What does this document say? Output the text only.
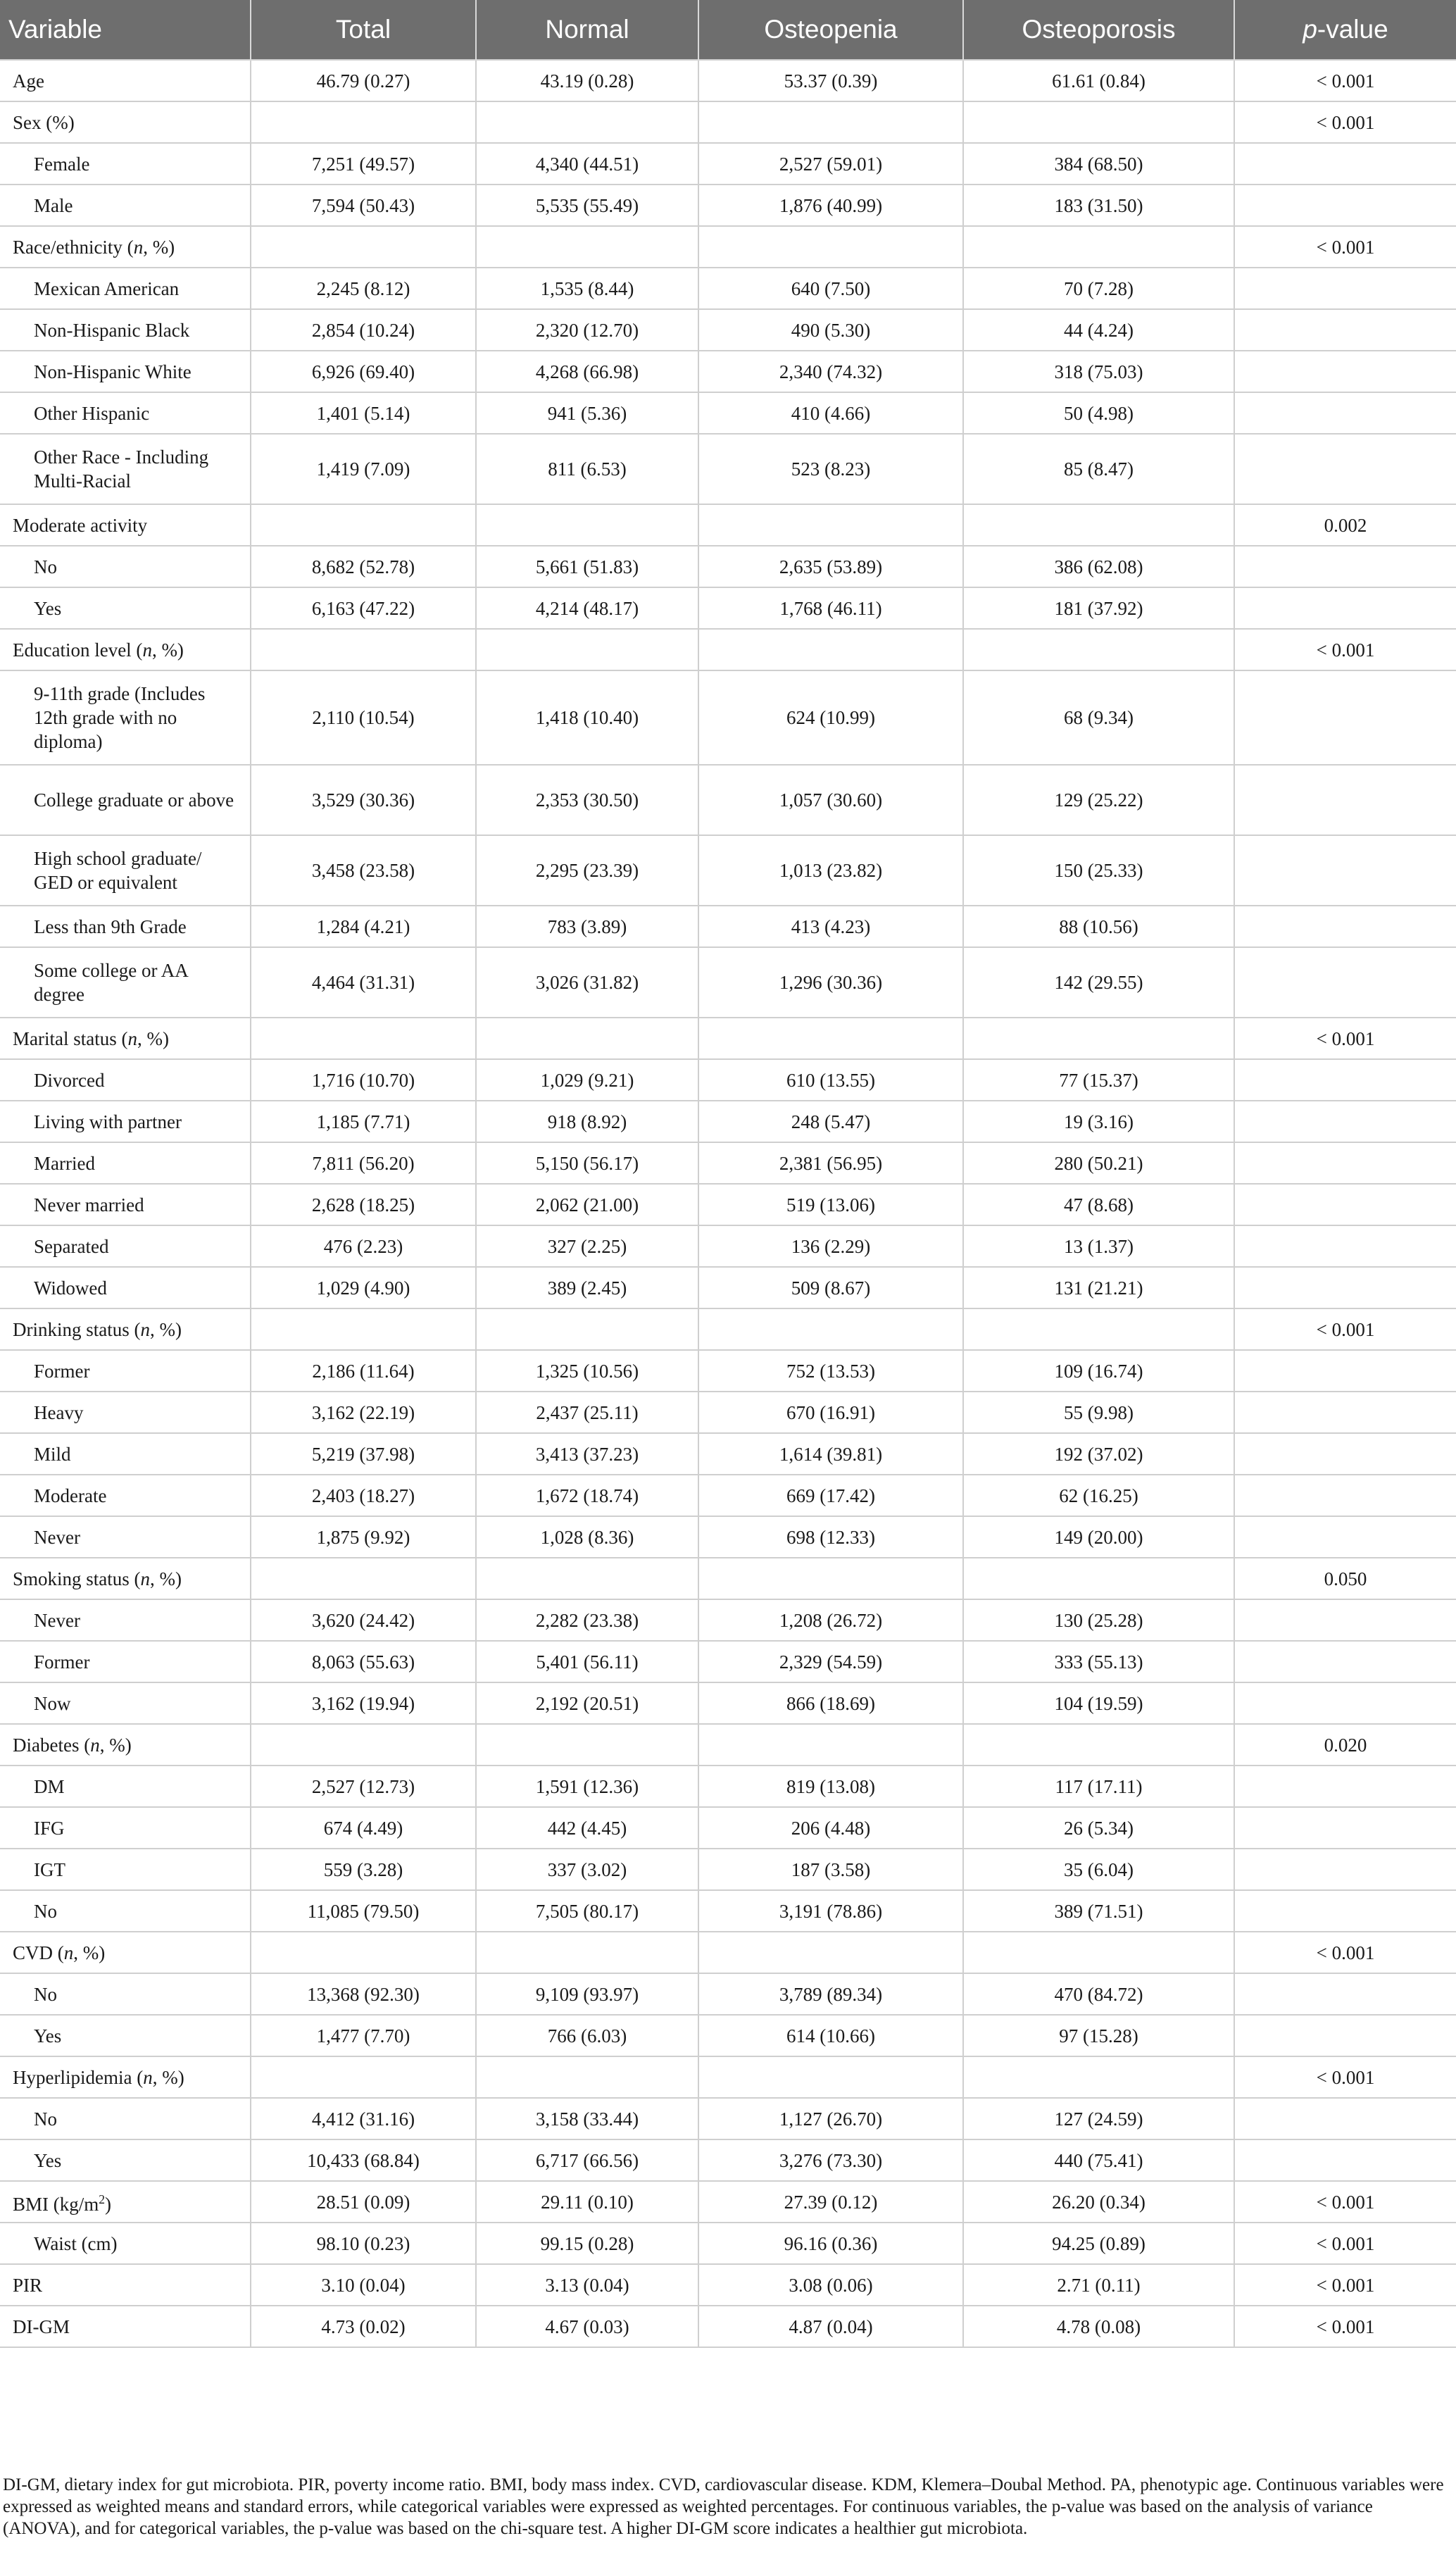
Variable	Total	Normal	Osteopenia	Osteoporosis	p-value
Age	46.79 (0.27)	43.19 (0.28)	53.37 (0.39)	61.61 (0.84)	< 0.001
Sex (%)					< 0.001
Female	7,251 (49.57)	4,340 (44.51)	2,527 (59.01)	384 (68.50)	
Male	7,594 (50.43)	5,535 (55.49)	1,876 (40.99)	183 (31.50)	
Race/ethnicity (n, %)					< 0.001
Mexican American	2,245 (8.12)	1,535 (8.44)	640 (7.50)	70 (7.28)	
Non-Hispanic Black	2,854 (10.24)	2,320 (12.70)	490 (5.30)	44 (4.24)	
Non-Hispanic White	6,926 (69.40)	4,268 (66.98)	2,340 (74.32)	318 (75.03)	
Other Hispanic	1,401 (5.14)	941 (5.36)	410 (4.66)	50 (4.98)	
Other Race - Including Multi-Racial	1,419 (7.09)	811 (6.53)	523 (8.23)	85 (8.47)	
Moderate activity					0.002
No	8,682 (52.78)	5,661 (51.83)	2,635 (53.89)	386 (62.08)	
Yes	6,163 (47.22)	4,214 (48.17)	1,768 (46.11)	181 (37.92)	
Education level (n, %)					< 0.001
9-11th grade (Includes 12th grade with no diploma)	2,110 (10.54)	1,418 (10.40)	624 (10.99)	68 (9.34)	
College graduate or above	3,529 (30.36)	2,353 (30.50)	1,057 (30.60)	129 (25.22)	
High school graduate/ GED or equivalent	3,458 (23.58)	2,295 (23.39)	1,013 (23.82)	150 (25.33)	
Less than 9th Grade	1,284 (4.21)	783 (3.89)	413 (4.23)	88 (10.56)	
Some college or AA degree	4,464 (31.31)	3,026 (31.82)	1,296 (30.36)	142 (29.55)	
Marital status (n, %)					< 0.001
Divorced	1,716 (10.70)	1,029 (9.21)	610 (13.55)	77 (15.37)	
Living with partner	1,185 (7.71)	918 (8.92)	248 (5.47)	19 (3.16)	
Married	7,811 (56.20)	5,150 (56.17)	2,381 (56.95)	280 (50.21)	
Never married	2,628 (18.25)	2,062 (21.00)	519 (13.06)	47 (8.68)	
Separated	476 (2.23)	327 (2.25)	136 (2.29)	13 (1.37)	
Widowed	1,029 (4.90)	389 (2.45)	509 (8.67)	131 (21.21)	
Drinking status (n, %)					< 0.001
Former	2,186 (11.64)	1,325 (10.56)	752 (13.53)	109 (16.74)	
Heavy	3,162 (22.19)	2,437 (25.11)	670 (16.91)	55 (9.98)	
Mild	5,219 (37.98)	3,413 (37.23)	1,614 (39.81)	192 (37.02)	
Moderate	2,403 (18.27)	1,672 (18.74)	669 (17.42)	62 (16.25)	
Never	1,875 (9.92)	1,028 (8.36)	698 (12.33)	149 (20.00)	
Smoking status (n, %)					0.050
Never	3,620 (24.42)	2,282 (23.38)	1,208 (26.72)	130 (25.28)	
Former	8,063 (55.63)	5,401 (56.11)	2,329 (54.59)	333 (55.13)	
Now	3,162 (19.94)	2,192 (20.51)	866 (18.69)	104 (19.59)	
Diabetes (n, %)					0.020
DM	2,527 (12.73)	1,591 (12.36)	819 (13.08)	117 (17.11)	
IFG	674 (4.49)	442 (4.45)	206 (4.48)	26 (5.34)	
IGT	559 (3.28)	337 (3.02)	187 (3.58)	35 (6.04)	
No	11,085 (79.50)	7,505 (80.17)	3,191 (78.86)	389 (71.51)	
CVD (n, %)					< 0.001
No	13,368 (92.30)	9,109 (93.97)	3,789 (89.34)	470 (84.72)	
Yes	1,477 (7.70)	766 (6.03)	614 (10.66)	97 (15.28)	
Hyperlipidemia (n, %)					< 0.001
No	4,412 (31.16)	3,158 (33.44)	1,127 (26.70)	127 (24.59)	
Yes	10,433 (68.84)	6,717 (66.56)	3,276 (73.30)	440 (75.41)	
BMI $(kg/m^2)$	28.51 (0.09)	29.11 (0.10)	27.39 (0.12)	26.20 (0.34)	< 0.001
Waist (cm)	98.10 (0.23)	99.15 (0.28)	96.16 (0.36)	94.25 (0.89)	< 0.001
PIR	3.10 (0.04)	3.13 (0.04)	3.08 (0.06)	2.71 (0.11)	< 0.001
DI-GM	4.73 (0.02)	4.67 (0.03)	4.87 (0.04)	4.78 (0.08)	< 0.001
DI-GM, dietary index for gut microbiota. PIR, poverty income ratio. BMI, body mass index. CVD, cardiovascular disease. KDM, Klemera–Doubal Method. PA, phenotypic age. Continuous variables were expressed as weighted means and standard errors, while categorical variables were expressed as weighted percentages. For continuous variables, the p-value was based on the analysis of variance (ANOVA), and for categorical variables, the p-value was based on the chi-square test. A higher DI-GM score indicates a healthier gut microbiota.
